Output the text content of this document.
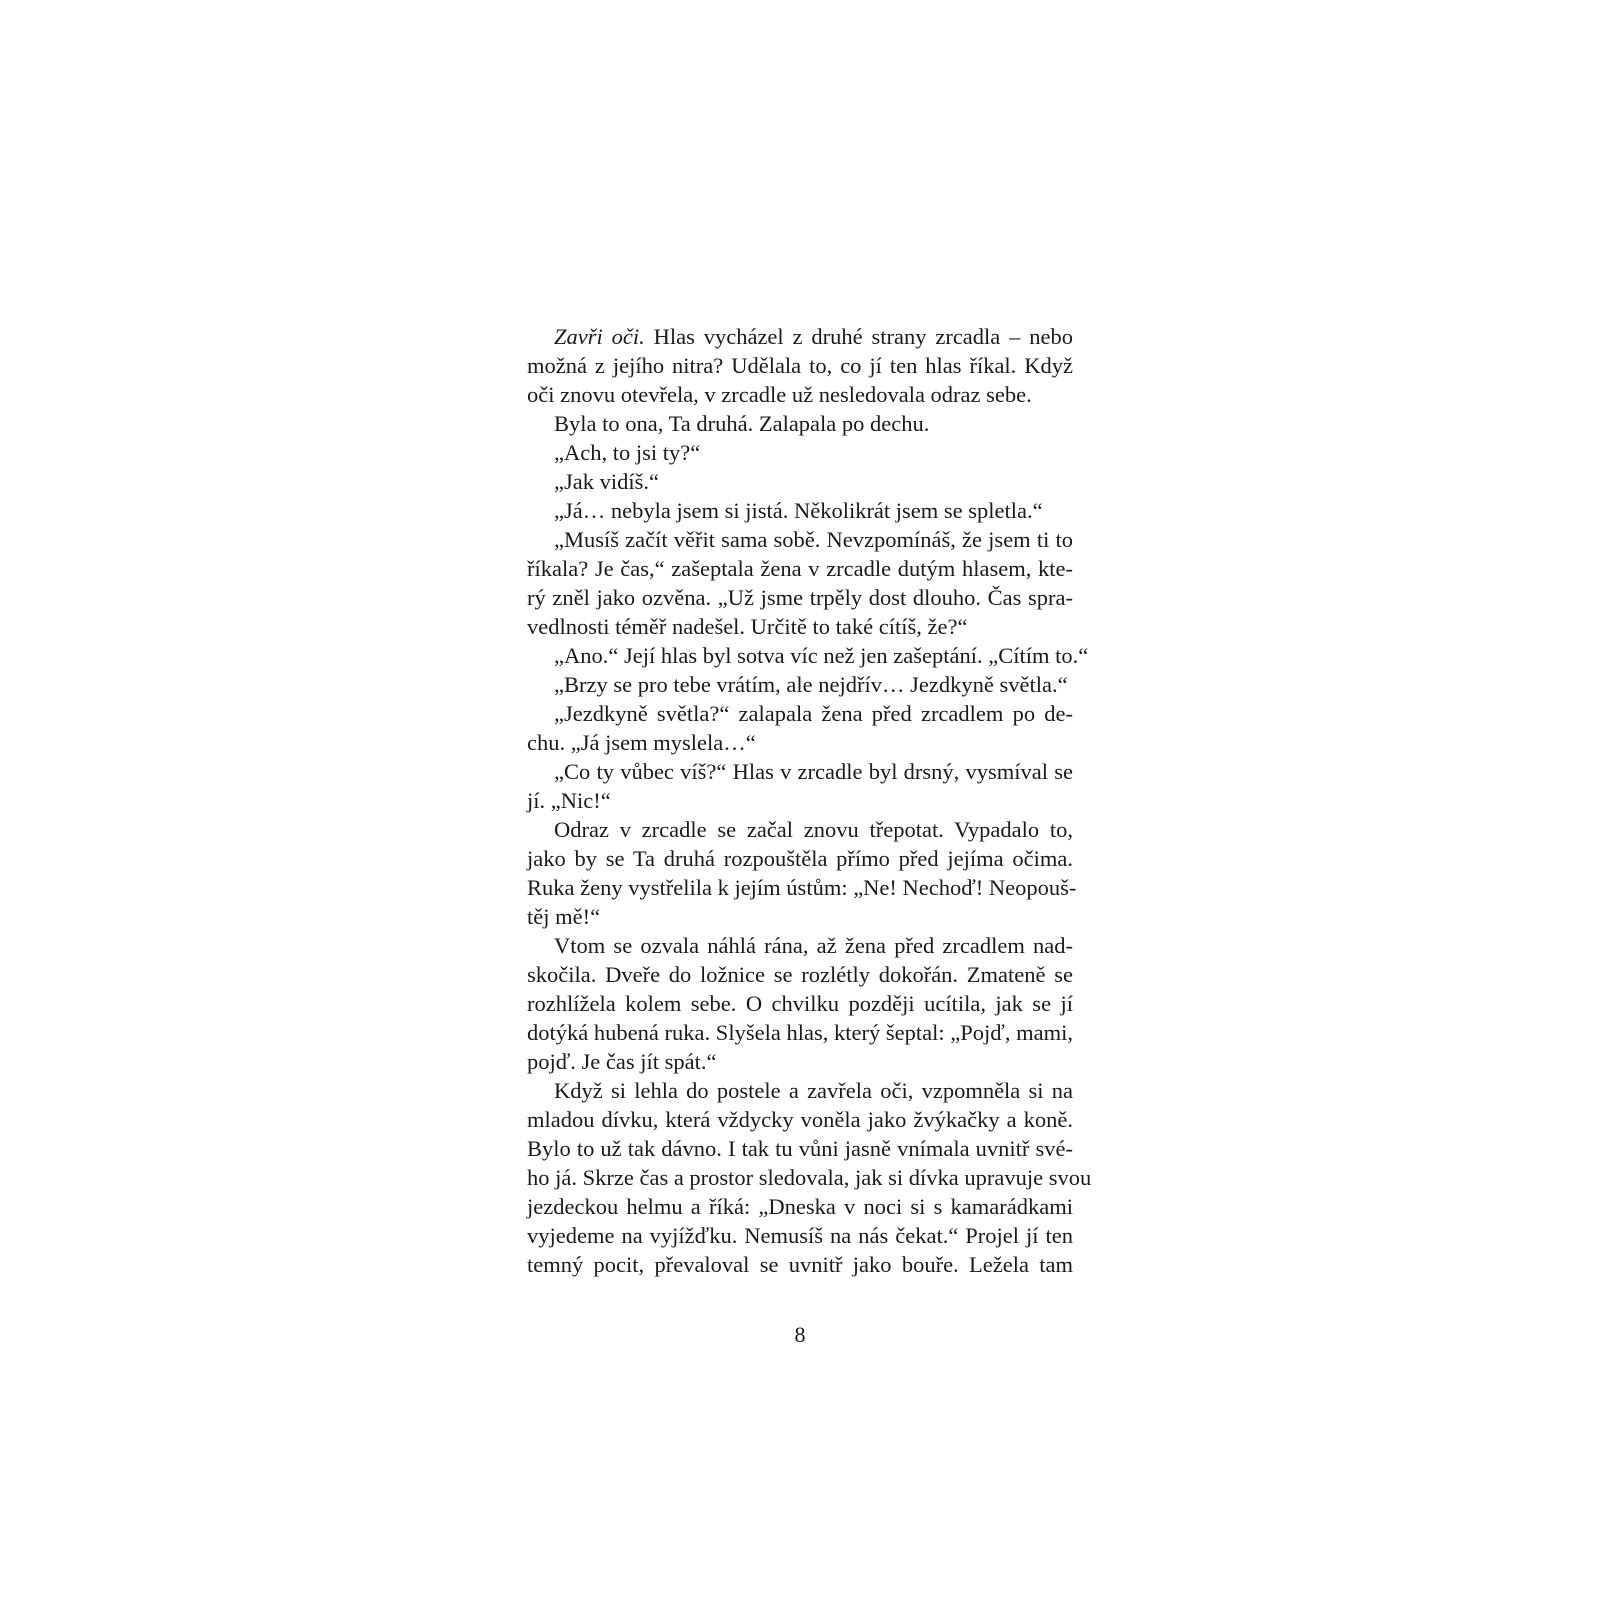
Zavři oči. Hlas vycházel z druhé strany zrcadla – nebo
možná z jejího nitra? Udělala to, co jí ten hlas říkal. Když
oči znovu otevřela, v zrcadle už nesledovala odraz sebe.
Byla to ona, Ta druhá. Zalapala po dechu.
„Ach, to jsi ty?“
„Jak vidíš.“
„Já… nebyla jsem si jistá. Několikrát jsem se spletla.“
„Musíš začít věřit sama sobě. Nevzpomínáš, že jsem ti to
říkala? Je čas,“ zašeptala žena v zrcadle dutým hlasem, kte-
rý zněl jako ozvěna. „Už jsme trpěly dost dlouho. Čas spra-
vedlnosti téměř nadešel. Určitě to také cítíš, že?“
„Ano.“ Její hlas byl sotva víc než jen zašeptání. „Cítím to.“
„Brzy se pro tebe vrátím, ale nejdřív… Jezdkyně světla.“
„Jezdkyně světla?“ zalapala žena před zrcadlem po de-
chu. „Já jsem myslela…“
„Co ty vůbec víš?“ Hlas v zrcadle byl drsný, vysmíval se
jí. „Nic!“
Odraz v zrcadle se začal znovu třepotat. Vypadalo to,
jako by se Ta druhá rozpouštěla přímo před jejíma očima.
Ruka ženy vystřelila k jejím ústům: „Ne! Nechoď! Neopouš-
těj mě!“
Vtom se ozvala náhlá rána, až žena před zrcadlem nad-
skočila. Dveře do ložnice se rozlétly dokořán. Zmateně se
rozhlížela kolem sebe. O chvilku později ucítila, jak se jí
dotýká hubená ruka. Slyšela hlas, který šeptal: „Pojď, mami,
pojď. Je čas jít spát.“
Když si lehla do postele a zavřela oči, vzpomněla si na
mladou dívku, která vždycky voněla jako žvýkačky a koně.
Bylo to už tak dávno. I tak tu vůni jasně vnímala uvnitř své-
ho já. Skrze čas a prostor sledovala, jak si dívka upravuje svou
jezdeckou helmu a říká: „Dneska v noci si s kamarádkami
vyjedeme na vyjížďku. Nemusíš na nás čekat.“ Projel jí ten
temný pocit, převaloval se uvnitř jako bouře. Ležela tam
8
